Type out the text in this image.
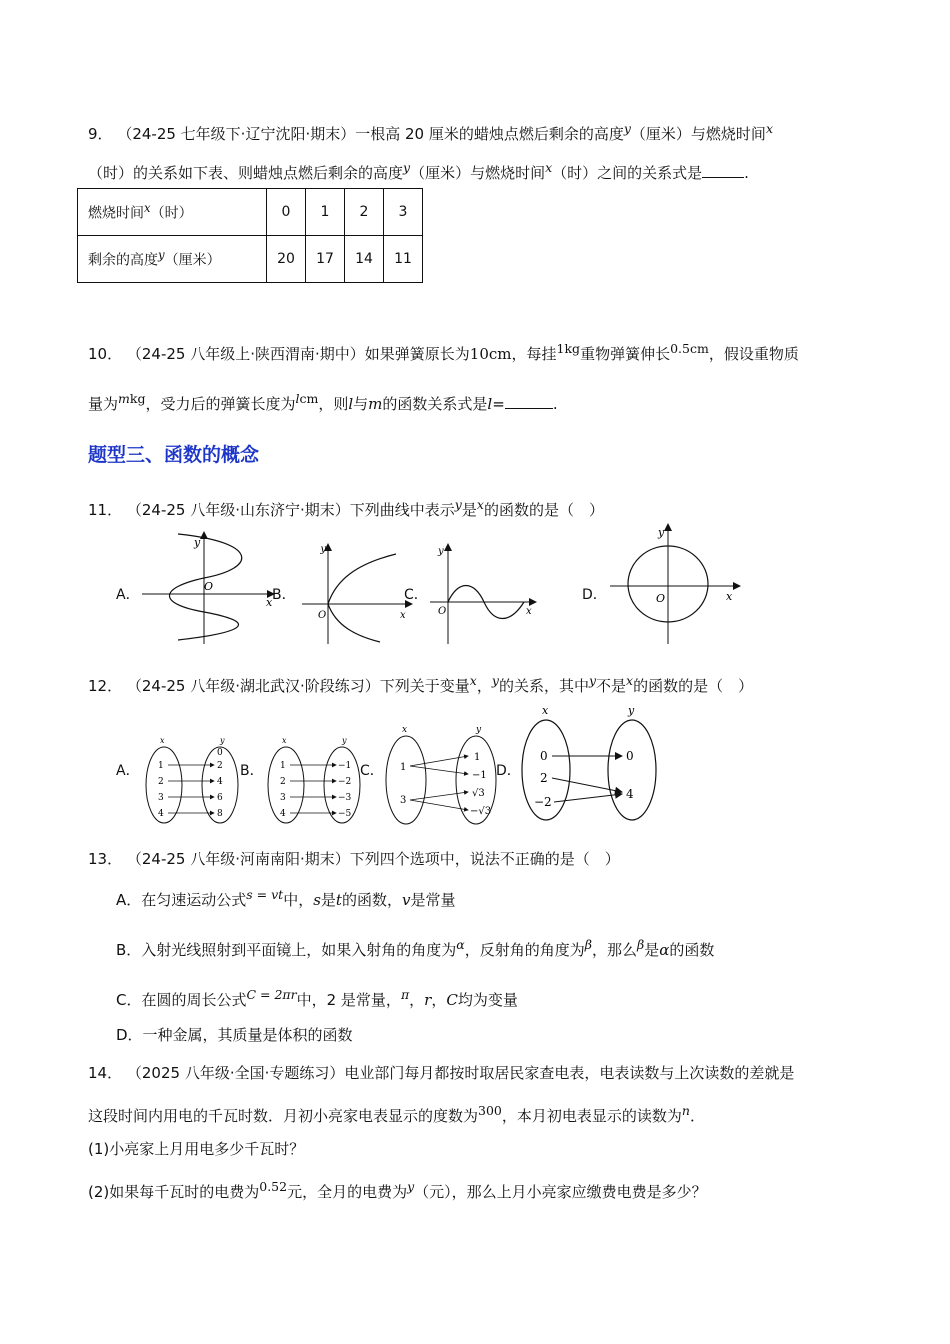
9． （24-25 七年级下·辽宁沈阳·期末）一根高 20 厘米的蜡烛点燃后剩余的高度$^y$（厘米）与燃烧时间$^x$
（时）的关系如下表、则蜡烛点燃后剩余的高度$^y$（厘米）与燃烧时间$^x$（时）之间的关系式是	.
燃烧时间$^x$（时）	0	1	2	3
剩余的高度$^y$（厘米）	20	17	14	11
10． （24-25 八年级上·陕西渭南·期中）如果弹簧原长为10cm，每挂$^{1kg}$重物弹簧伸长$^{0.5cm}$，假设重物质
量为$^{mkg}$，受力后的弹簧长度为$^{lcm}$，则l与m的函数关系式是l=	.
题型三、函数的概念
11． （24-25 八年级·山东济宁·期末）下列曲线中表示$^y$是$^x$的函数的是（　）
A．	B．	C．	D．
y
x
O
y
x
O
y
x
O
y
x
O
12． （24-25 八年级·湖北武汉·阶段练习）下列关于变量$^x$，$^y$的关系，其中$^y$不是$^x$的函数的是（　）
A．	B．	C．	D．
x	y
1
2
3
4
0
2
4
6
8
x	y
1
2
3
4
−1
−2
−3
−5
x	y
1
3
1
−1
√3
−√3
x	y
0
2
−2
0
4
13． （24-25 八年级·河南南阳·期末）下列四个选项中，说法不正确的是（　）
A．在匀速运动公式$^{s = vt}$中，s是t的函数，v是常量
B．入射光线照射到平面镜上，如果入射角的角度为$^\alpha$，反射角的角度为$^\beta$，那么$^\beta$是α的函数
C．在圆的周长公式$^{C = 2\pi r}$中，2 是常量，$^\pi$，r，C均为变量
D．一种金属，其质量是体积的函数
14． （2025 八年级·全国·专题练习）电业部门每月都按时取居民家查电表，电表读数与上次读数的差就是
这段时间内用电的千瓦时数．月初小亮家电表显示的度数为$^{300}$，本月初电表显示的读数为$^n$．
(1)小亮家上月用电多少千瓦时？
(2)如果每千瓦时的电费为$^{0.52}$元，全月的电费为$^y$（元），那么上月小亮家应缴费电费是多少？
